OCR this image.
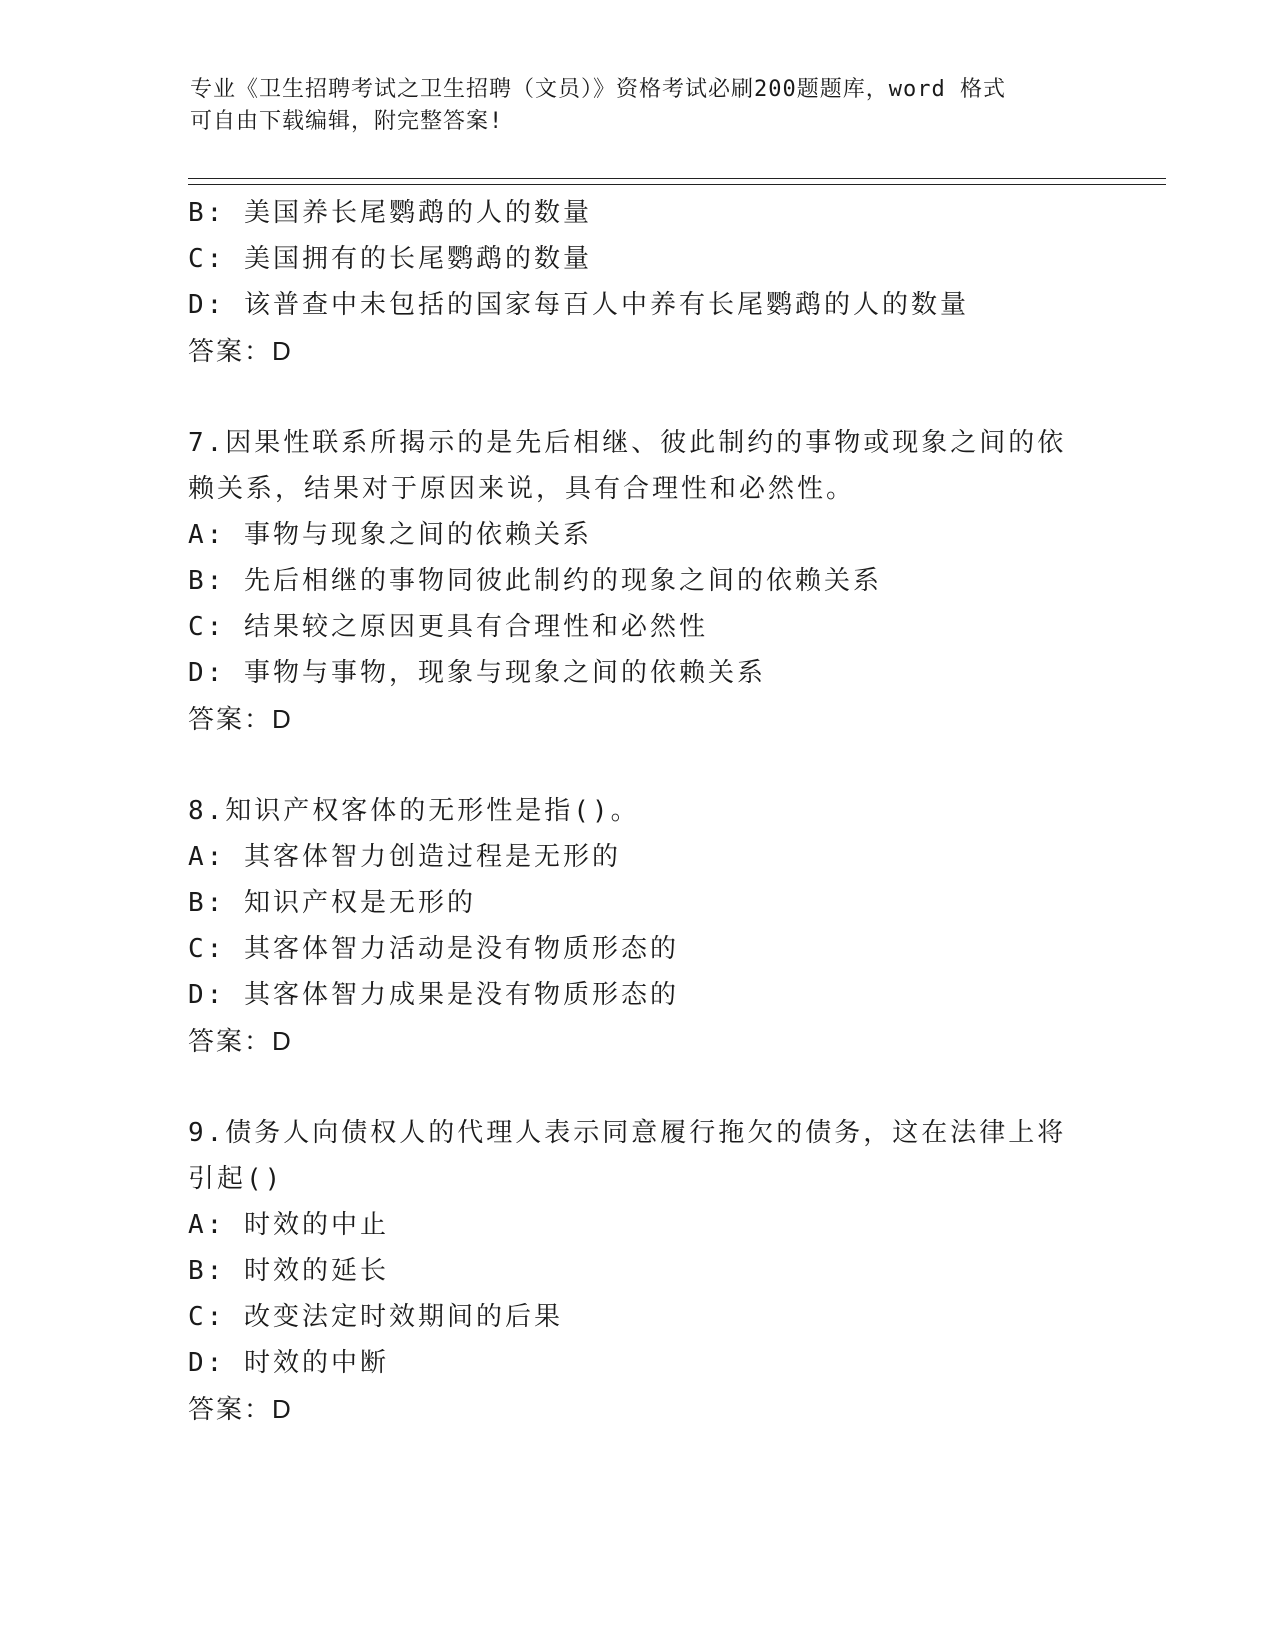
专业《卫生招聘考试之卫生招聘（文员）》资格考试必刷200题题库，word 格式
可自由下载编辑，附完整答案!
B: 美国养长尾鹦鹉的人的数量
C: 美国拥有的长尾鹦鹉的数量
D: 该普查中未包括的国家每百人中养有长尾鹦鹉的人的数量
答案：D
7.因果性联系所揭示的是先后相继、彼此制约的事物或现象之间的依
赖关系，结果对于原因来说，具有合理性和必然性。
A: 事物与现象之间的依赖关系
B: 先后相继的事物同彼此制约的现象之间的依赖关系
C: 结果较之原因更具有合理性和必然性
D: 事物与事物，现象与现象之间的依赖关系
答案：D
8.知识产权客体的无形性是指()。
A: 其客体智力创造过程是无形的
B: 知识产权是无形的
C: 其客体智力活动是没有物质形态的
D: 其客体智力成果是没有物质形态的
答案：D
9.债务人向债权人的代理人表示同意履行拖欠的债务，这在法律上将
引起()
A: 时效的中止
B: 时效的延长
C: 改变法定时效期间的后果
D: 时效的中断
答案：D
